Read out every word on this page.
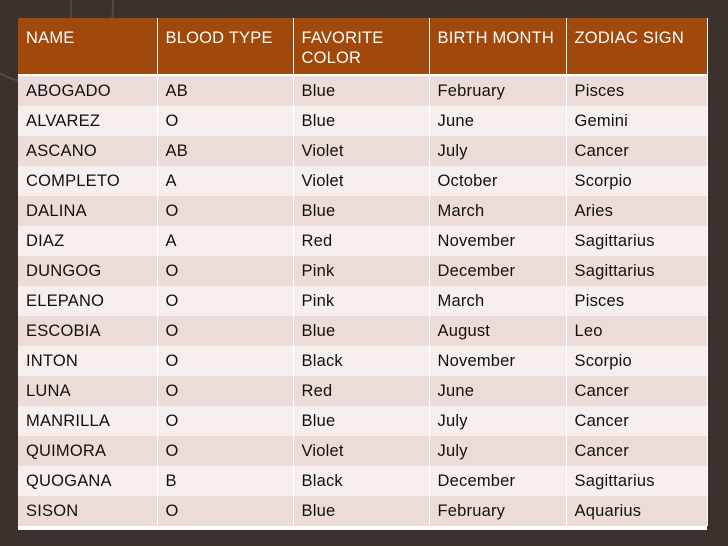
NAME	BLOOD TYPE	FAVORITE COLOR	BIRTH MONTH	ZODIAC SIGN
ABOGADO	AB	Blue	February	Pisces
ALVAREZ	O	Blue	June	Gemini
ASCANO	AB	Violet	July	Cancer
COMPLETO	A	Violet	October	Scorpio
DALINA	O	Blue	March	Aries
DIAZ	A	Red	November	Sagittarius
DUNGOG	O	Pink	December	Sagittarius
ELEPANO	O	Pink	March	Pisces
ESCOBIA	O	Blue	August	Leo
INTON	O	Black	November	Scorpio
LUNA	O	Red	June	Cancer
MANRILLA	O	Blue	July	Cancer
QUIMORA	O	Violet	July	Cancer
QUOGANA	B	Black	December	Sagittarius
SISON	O	Blue	February	Aquarius
